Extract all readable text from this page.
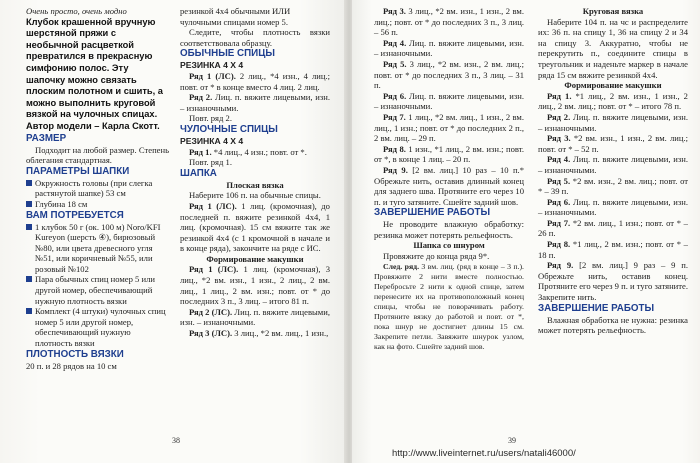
Очень просто, очень модно

Клубок крашенной вручную шерстяной пряжи с необычной расцветкой превратился в прекрасную симфонию полос. Эту шапочку можно связать плоским полотном и сшить, а можно выполнить круговой вязкой на чулочных спицах. Автор модели – Карла Скотт.

РАЗМЕР

Подходит на любой размер. Степень облегания стандартная.

ПАРАМЕТРЫ ШАПКИ

Окружность головы (при слегка растянутой шапке) 53 см
Глубина 18 см

ВАМ ПОТРЕБУЕТСЯ

1 клубок 50 г (ок. 100 м) Noro/KFI Kureyon (шерсть ④), бирюзовый №80, или цвета древесного угля №51, или коричневый №55, или розовый №102
Пара обычных спиц номер 5 или другой номер, обеспечивающий нужную плотность вязки
Комплект (4 штуки) чулочных спиц номер 5 или другой номер, обеспечивающий нужную плотность вязки

ПЛОТНОСТЬ ВЯЗКИ

20 п. и 28 рядов на 10 см

резинкой 4х4 обычными ИЛИ чулочными спицами номер 5.

Следите, чтобы плотность вязки соответствовала образцу.

ОБЫЧНЫЕ СПИЦЫ

РЕЗИНКА 4 Х 4

Ряд 1 (ЛС). 2 лиц., *4 изн., 4 лиц.; повт. от * в конце вместо 4 лиц. 2 лиц.

Ряд 2. Лиц. п. вяжите лицевыми, изн. – изнаночными.

Повт. ряд 2.

ЧУЛОЧНЫЕ СПИЦЫ

РЕЗИНКА 4 Х 4

Ряд 1. *4 лиц., 4 изн.; повт. от *.

Повт. ряд 1.

ШАПКА

Плоская вязка

Наберите 106 п. на обычные спицы.

Ряд 1 (ЛС). 1 лиц. (кромочная), до последней п. вяжите резинкой 4х4, 1 лиц. (кромочная). 15 см вяжите так же резинкой 4х4 (с 1 кромочной в начале и в конце ряда), закончите на ряде с ИС.

Формирование макушки

Ряд 1 (ЛС). 1 лиц. (кромочная), 3 лиц., *2 вм. изн., 1 изн., 2 лиц., 2 вм. лиц., 1 лиц., 2 вм. изн.; повт. от * до последних 3 п., 3 лиц. – итого 81 п.

Ряд 2 (ЛС). Лиц. п. вяжите лицевыми, изн. – изнаночными.

Ряд 3 (ЛС). 3 лиц., *2 вм. лиц., 1 изн.,

38

Ряд 3. 3 лиц., *2 вм. изн., 1 изн., 2 вм. лиц.; повт. от * до последних 3 п., 3 лиц. – 56 п.

Ряд 4. Лиц. п. вяжите лицевыми, изн. – изнаночными.

Ряд 5. 3 лиц., *2 вм. изн., 2 вм. лиц.; повт. от * до последних 3 п., 3 лиц. – 31 п.

Ряд 6. Лиц. п. вяжите лицевыми, изн. – изнаночными.

Ряд 7. 1 лиц., *2 вм. лиц., 1 изн., 2 вм. лиц., 1 изн.; повт. от * до последних 2 п., 2 вм. лиц. – 29 п.

Ряд 8. 1 изн., *1 лиц., 2 вм. изн.; повт. от *, в конце 1 лиц. – 20 п.

Ряд 9. [2 вм. лиц.] 10 раз – 10 п.* Обрежьте нить, оставив длинный конец для заднего шва. Протяните его через 10 п. и туго затяните. Сшейте задний шов.

ЗАВЕРШЕНИЕ РАБОТЫ

Не проводите влажную обработку: резинка может потерять рельефность.

Шапка со шнуром

Провяжите до конца ряда 9*.

След. ряд. 3 вм. лиц. (ряд в конце – 3 п.). Провяжите 2 нити вместе полностью. Перебросьте 2 нити к одной спице, затем перенесите их на противоположный конец спицы, чтобы не поворачивать работу. Протяните вязку до работой и повт. от *, пока шнур не достигнет длины 15 см. Закрепите петли. Завяжите шнурок узлом, как на фото. Сшейте задний шов.

Круговая вязка

Наберите 104 п. на чс и распределите их: 36 п. на спицу 1, 36 на спицу 2 и 34 на спицу 3. Аккуратно, чтобы не перекрутить п., соедините спицы в треугольник и наденьте маркер в начале ряда 15 см вяжите резинкой 4х4.

Формирование макушки

Ряд 1. *1 лиц., 2 вм. изн., 1 изн., 2 лиц., 2 вм. лиц.; повт. от * – итого 78 п.

Ряд 2. Лиц. п. вяжите лицевыми, изн. – изнаночными.

Ряд 3. *2 вм. изн., 1 изн., 2 вм. лиц.; повт. от * – 52 п.

Ряд 4. Лиц. п. вяжите лицевыми, изн. – изнаночными.

Ряд 5. *2 вм. изн., 2 вм. лиц.; повт. от * – 39 п.

Ряд 6. Лиц. п. вяжите лицевыми, изн. – изнаночными.

Ряд 7. *2 вм. лиц., 1 изн.; повт. от * – 26 п.

Ряд 8. *1 лиц., 2 вм. изн.; повт. от * – 18 п.

Ряд 9. [2 вм. лиц.] 9 раз – 9 п. Обрежьте нить, оставив конец. Протяните его через 9 п. и туго затяните. Закрепите нить.

ЗАВЕРШЕНИЕ РАБОТЫ

Влажная обработка не нужна: резинка может потерять рельефность.

39
http://www.liveinternet.ru/users/natali46000/
